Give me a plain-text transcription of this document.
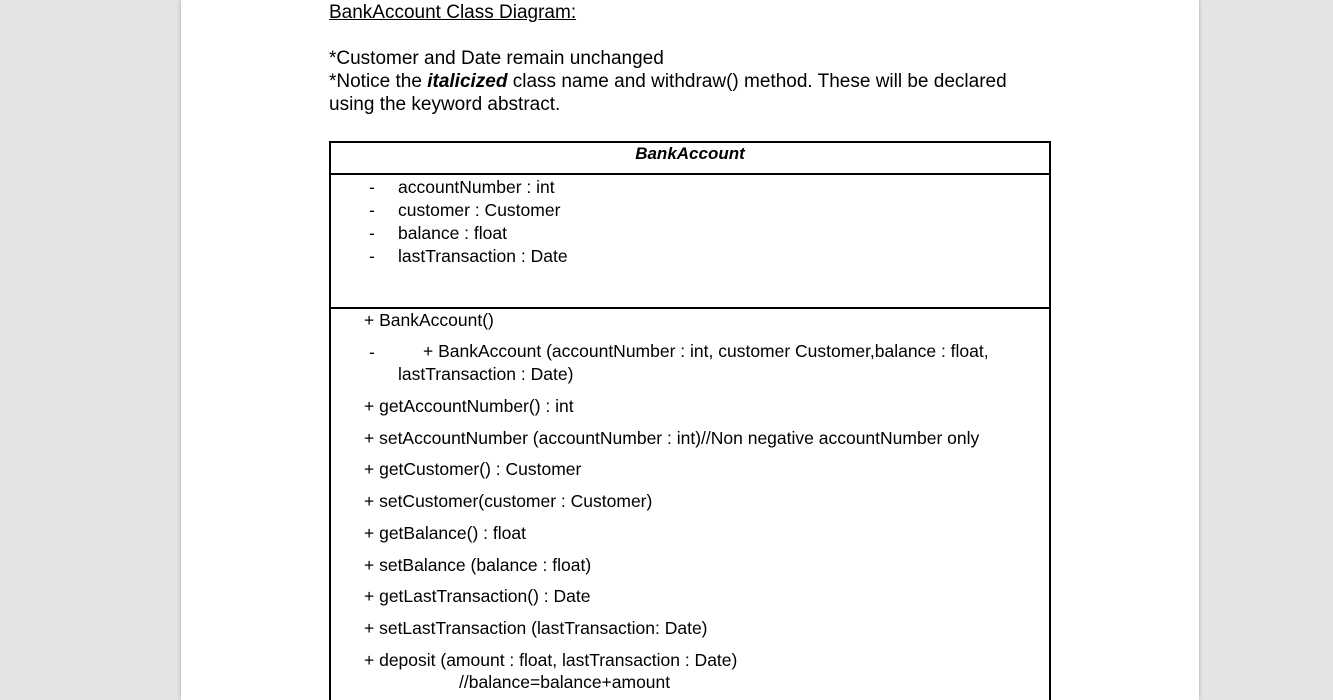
BankAccount Class Diagram:

*Customer and Date remain unchanged

*Notice the italicized class name and withdraw() method. These will be declared using the keyword abstract.

BankAccount
- accountNumber : int
- customer : Customer
- balance : float
- lastTransaction : Date
+ BankAccount()
-	+ BankAccount (accountNumber : int, customer Customer,balance : float,
lastTransaction : Date)
+ getAccountNumber() : int
+ setAccountNumber (accountNumber : int)//Non negative accountNumber only
+ getCustomer() : Customer
+ setCustomer(customer : Customer)
+ getBalance() : float
+ setBalance (balance : float)
+ getLastTransaction() : Date
+ setLastTransaction (lastTransaction: Date)
+ deposit (amount : float, lastTransaction : Date)
//balance=balance+amount
